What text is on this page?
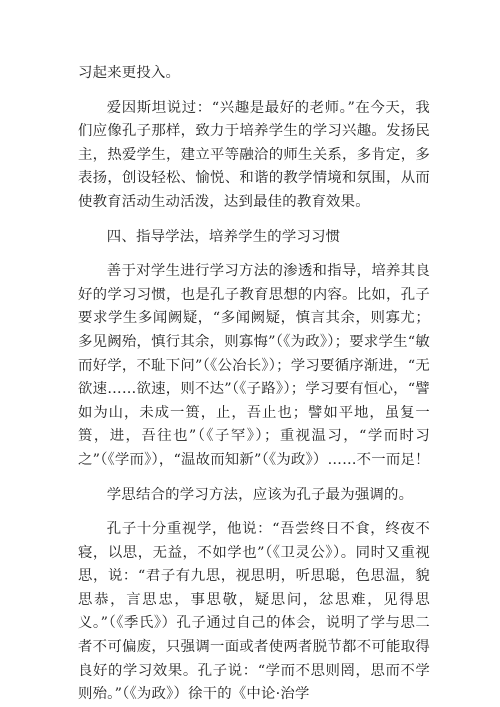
习起来更投入。

爱因斯坦说过：“兴趣是最好的老师。”在今天，我们应像孔子那样，致力于培养学生的学习兴趣。发扬民主，热爱学生，建立平等融洽的师生关系，多肯定，多表扬，创设轻松、愉悦、和谐的教学情境和氛围，从而使教育活动生动活泼，达到最佳的教育效果。

四、指导学法，培养学生的学习习惯

善于对学生进行学习方法的渗透和指导，培养其良好的学习习惯，也是孔子教育思想的内容。比如，孔子要求学生多闻阙疑，“多闻阙疑，慎言其余，则寡尤；多见阙殆，慎行其余，则寡悔”（《为政》）；要求学生“敏而好学，不耻下问”（《公冶长》）；学习要循序渐进，“无欲速……欲速，则不达”（《子路》）；学习要有恒心，“譬如为山，未成一篑，止，吾止也；譬如平地，虽复一篑，进，吾往也”（《子罕》）；重视温习，“学而时习之”（《学而》），“温故而知新”（《为政》）……不一而足！

学思结合的学习方法，应该为孔子最为强调的。

孔子十分重视学，他说：“吾尝终日不食，终夜不寝，以思，无益，不如学也”（《卫灵公》）。同时又重视思，说：“君子有九思，视思明，听思聪，色思温，貌思恭，言思忠，事思敬，疑思问，忿思难，见得思义。”（《季氏》）孔子通过自己的体会，说明了学与思二者不可偏废，只强调一面或者使两者脱节都不可能取得良好的学习效果。孔子说：“学而不思则罔，思而不学则殆。”（《为政》）徐干的《中论·治学
